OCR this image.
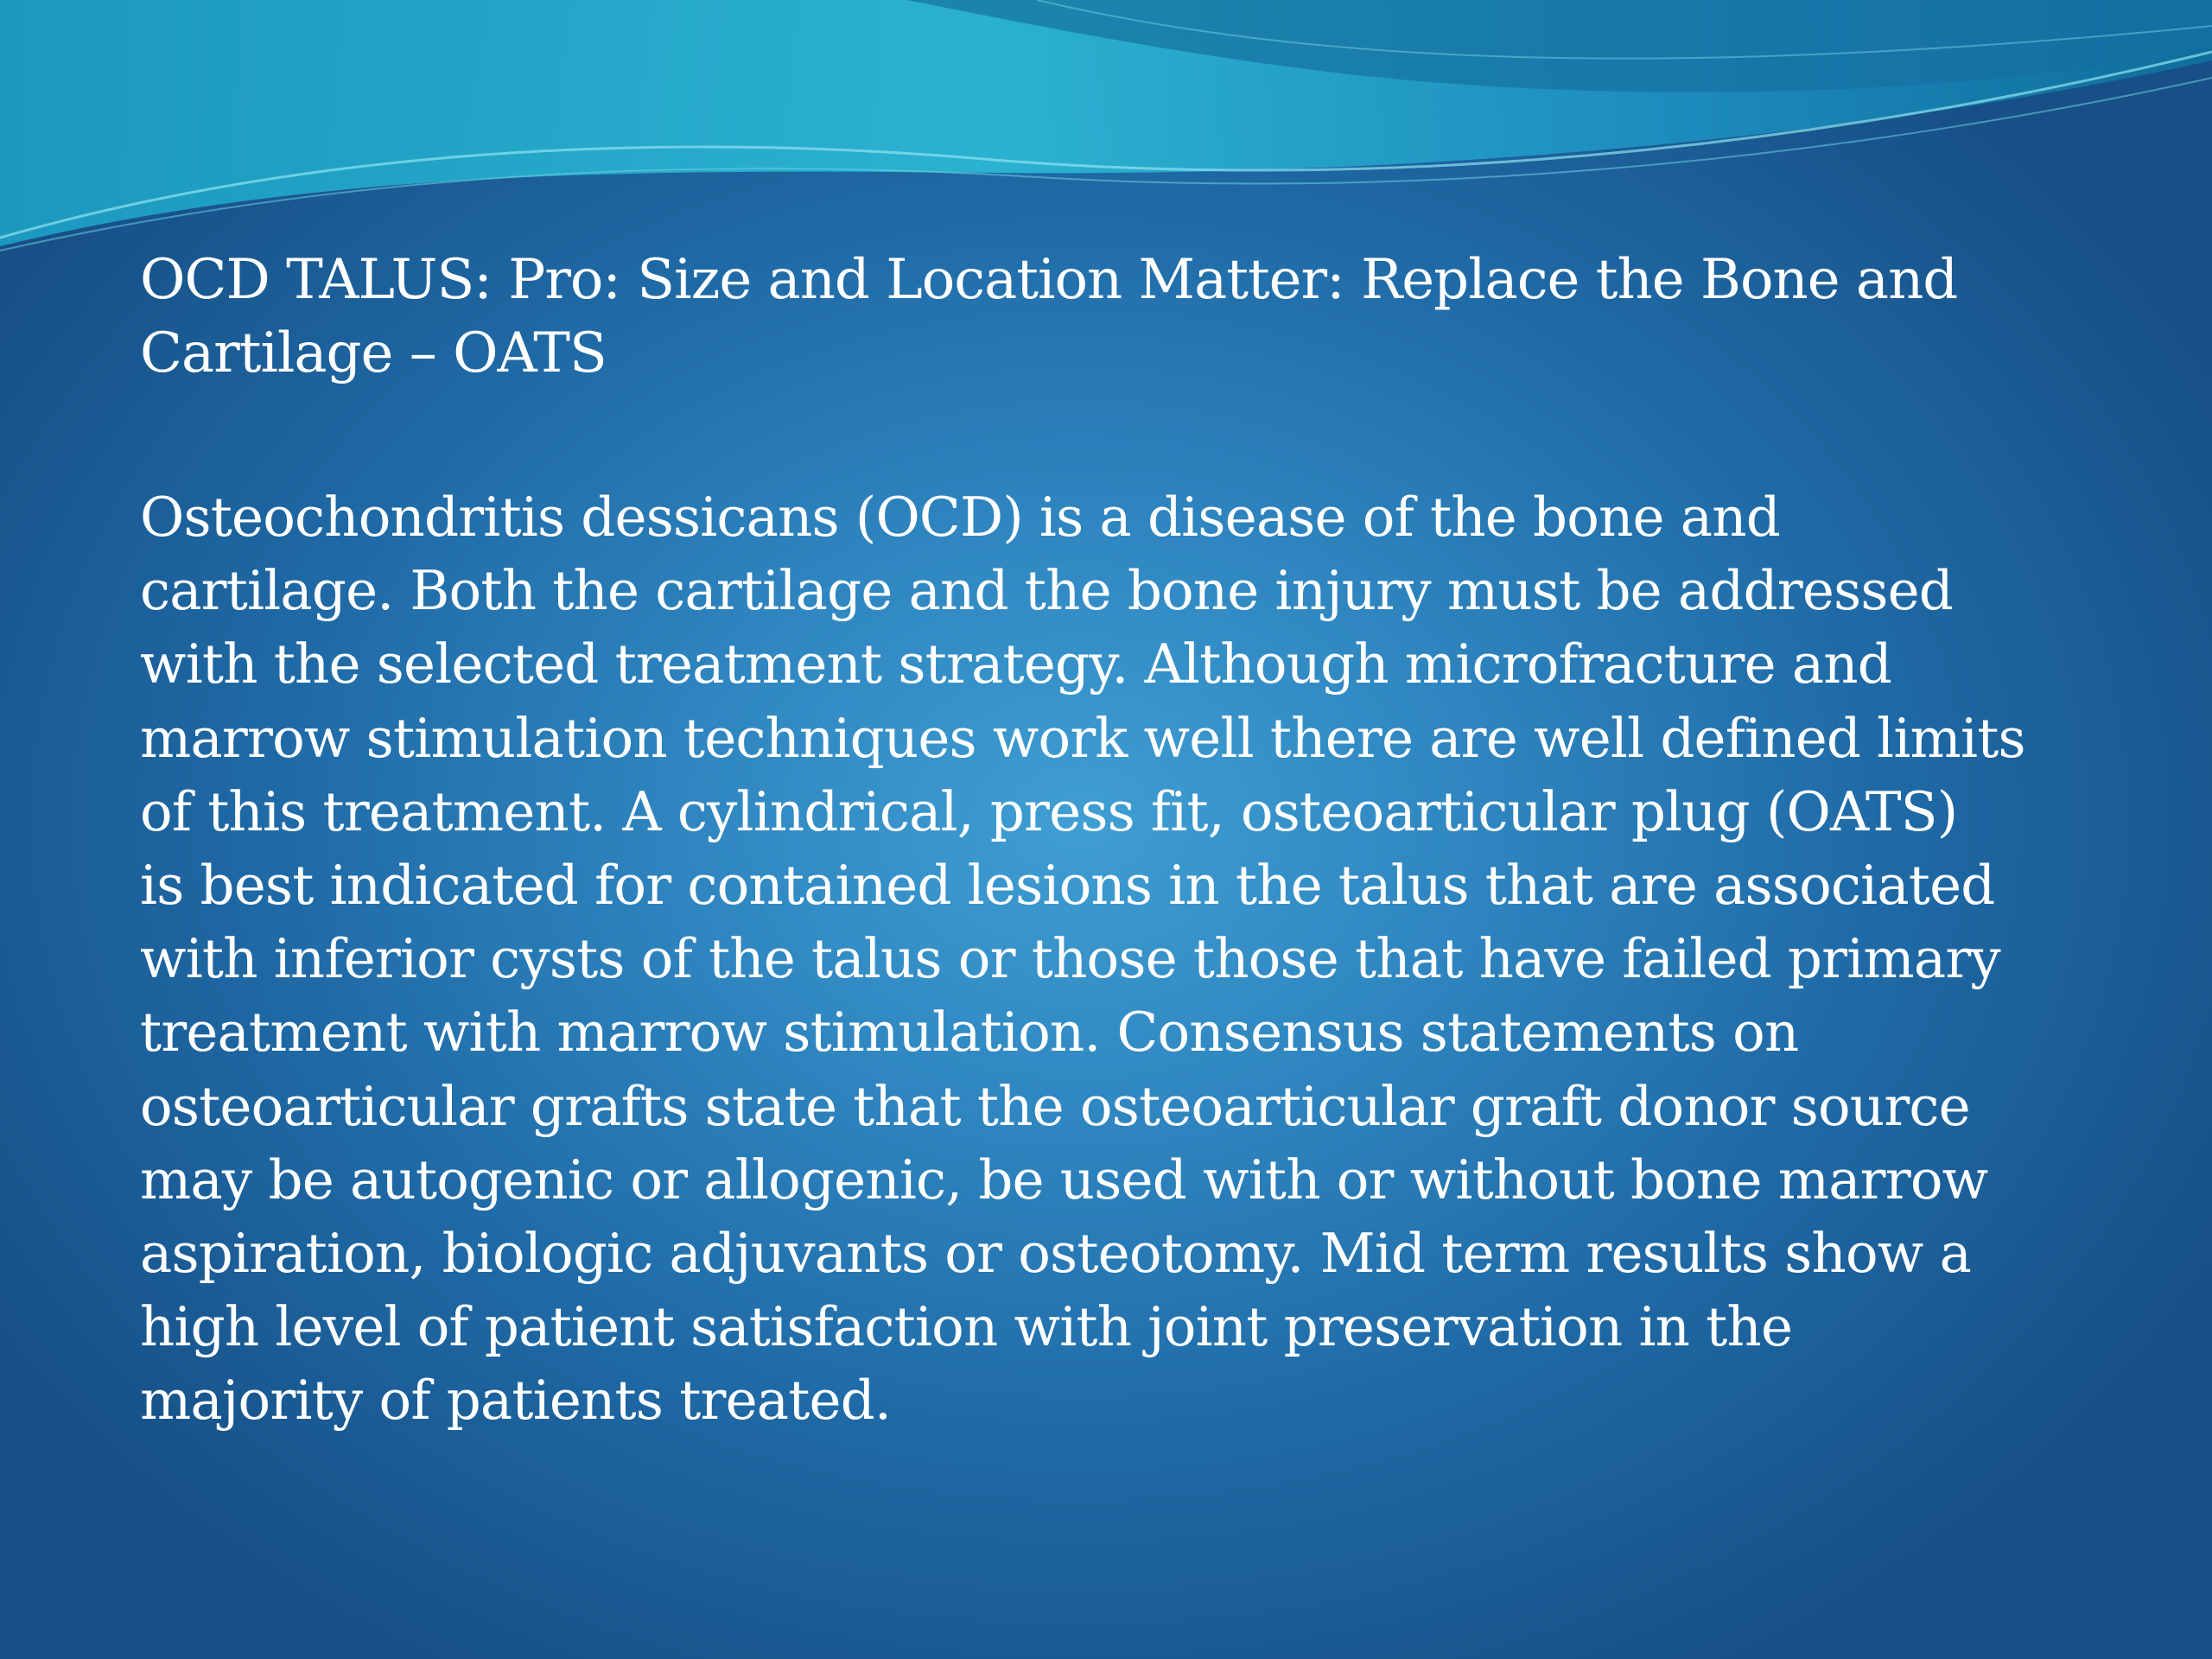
OCD TALUS: Pro: Size and Location Matter: Replace the Bone and
Cartilage – OATS

Osteochondritis dessicans (OCD) is a disease of the bone and
cartilage. Both the cartilage and the bone injury must be addressed
with the selected treatment strategy. Although microfracture and
marrow stimulation techniques work well there are well defined limits
of this treatment. A cylindrical, press fit, osteoarticular plug (OATS)
is best indicated for contained lesions in the talus that are associated
with inferior cysts of the talus or those those that have failed primary
treatment with marrow stimulation. Consensus statements on
osteoarticular grafts state that the osteoarticular graft donor source
may be autogenic or allogenic, be used with or without bone marrow
aspiration, biologic adjuvants or osteotomy. Mid term results show a
high level of patient satisfaction with joint preservation in the
majority of patients treated.
